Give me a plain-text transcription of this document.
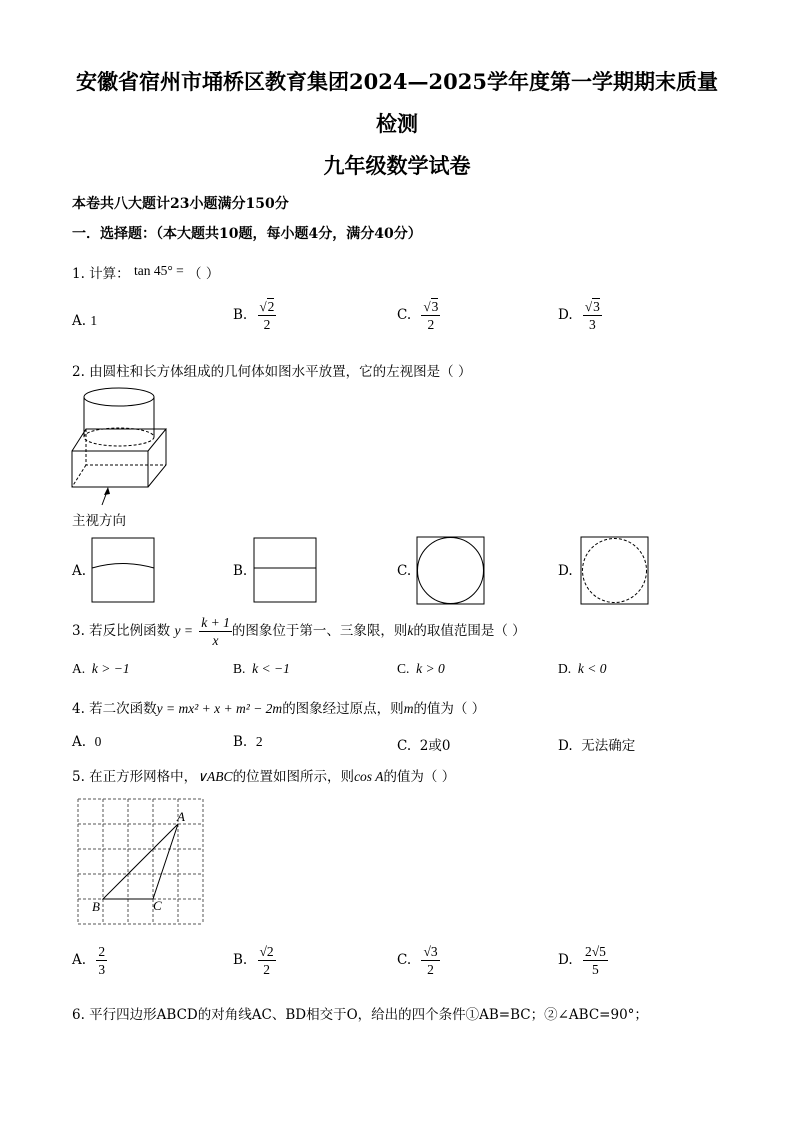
安徽省宿州市埇桥区教育集团2024—2025学年度第一学期期末质量
检测
九年级数学试卷
本卷共八大题计23小题满分150分
一．选择题：（本大题共10题，每小题4分，满分40分）
1. 计算： tan 45° = （ ）
A. 1	B. $\frac{√2}{2}$	C. $\frac{√3}{2}$	D. $\frac{√3}{3}$
2. 由圆柱和长方体组成的几何体如图水平放置，它的左视图是（ ）
主视方向
A.	B.	C.	D.
3. 若反比例函数 $y = \frac{k + 1}{x}$ 的图象位于第一、三象限，则k的取值范围是（ ）
A. k > −1	B. k < −1	C. k > 0	D. k < 0
4. 若二次函数y = mx² + x + m² − 2m的图象经过原点，则m的值为（ ）
A. 0	B. 2	C. 2或0	D. 无法确定
5. 在正方形网格中，∨ABC的位置如图所示，则cos A的值为（ ）
A
B	C
A. $\frac{2}{3}$	B. $\frac{√2}{2}$	C. $\frac{√3}{2}$	D. $\frac{2√5}{5}$
6. 平行四边形ABCD的对角线AC、BD相交于O，给出的四个条件①AB=BC；②∠ABC=90°；
